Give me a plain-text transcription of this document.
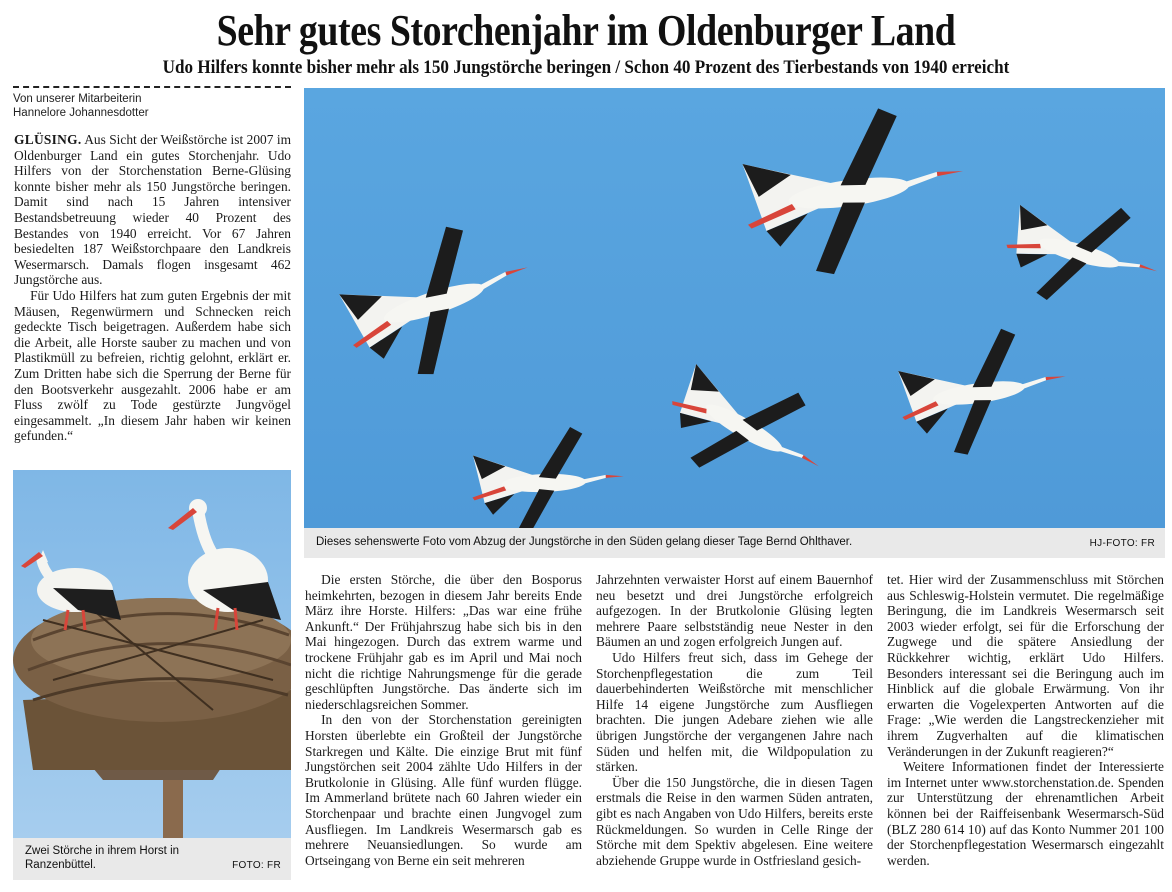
Sehr gutes Storchenjahr im Oldenburger Land
Udo Hilfers konnte bisher mehr als 150 Jungstörche beringen / Schon 40 Prozent des Tierbestands von 1940 erreicht
Von unserer Mitarbeiterin
Hannelore Johannesdotter

GLÜSING. Aus Sicht der Weißstörche ist 2007 im Oldenburger Land ein gutes Storchenjahr. Udo Hilfers von der Storchenstation Berne-Glüsing konnte bisher mehr als 150 Jungstörche beringen. Damit sind nach 15 Jahren intensiver Bestandsbetreuung wieder 40 Prozent des Bestandes von 1940 erreicht. Vor 67 Jahren besiedelten 187 Weißstorchpaare den Landkreis Wesermarsch. Damals flogen insgesamt 462 Jungstörche aus.

Für Udo Hilfers hat zum guten Ergebnis der mit Mäusen, Regenwürmern und Schnecken reich gedeckte Tisch beigetragen. Außerdem habe sich die Arbeit, alle Horste sauber zu machen und von Plastikmüll zu befreien, richtig gelohnt, erklärt er. Zum Dritten habe sich die Sperrung der Berne für den Bootsverkehr ausgezahlt. 2006 habe er am Fluss zwölf zu Tode gestürzte Jungvögel eingesammelt. „In diesem Jahr haben wir keinen gefunden.“

Dieses sehenswerte Foto vom Abzug der Jungstörche in den Süden gelang dieser Tage Bernd Ohlthaver.	HJ-FOTO: FR
Zwei Störche in ihrem Horst in Ranzenbüttel.	FOTO: FR

Die ersten Störche, die über den Bosporus heimkehrten, bezogen in diesem Jahr bereits Ende März ihre Horste. Hilfers: „Das war eine frühe Ankunft.“ Der Frühjahrszug habe sich bis in den Mai hingezogen. Durch das extrem warme und trockene Frühjahr gab es im April und Mai noch nicht die richtige Nahrungsmenge für die gerade geschlüpften Jungstörche. Das änderte sich im niederschlagsreichen Sommer.

In den von der Storchenstation gereinigten Horsten überlebte ein Großteil der Jungstörche Starkregen und Kälte. Die einzige Brut mit fünf Jungstörchen seit 2004 zählte Udo Hilfers in der Brutkolonie in Glüsing. Alle fünf wurden flügge. Im Ammerland brütete nach 60 Jahren wieder ein Storchenpaar und brachte einen Jungvogel zum Ausfliegen. Im Landkreis Wesermarsch gab es mehrere Neuansiedlungen. So wurde am Ortseingang von Berne ein seit mehreren

Jahrzehnten verwaister Horst auf einem Bauernhof neu besetzt und drei Jungstörche erfolgreich aufgezogen. In der Brutkolonie Glüsing legten mehrere Paare selbstständig neue Nester in den Bäumen an und zogen erfolgreich Jungen auf.

Udo Hilfers freut sich, dass im Gehege der Storchenpflegestation die zum Teil dauerbehinderten Weißstörche mit menschlicher Hilfe 14 eigene Jungstörche zum Ausfliegen brachten. Die jungen Adebare ziehen wie alle übrigen Jungstörche der vergangenen Jahre nach Süden und helfen mit, die Wildpopulation zu stärken.

Über die 150 Jungstörche, die in diesen Tagen erstmals die Reise in den warmen Süden antraten, gibt es nach Angaben von Udo Hilfers, bereits erste Rückmeldungen. So wurden in Celle Ringe der Störche mit dem Spektiv abgelesen. Eine weitere abziehende Gruppe wurde in Ostfriesland gesich-

tet. Hier wird der Zusammenschluss mit Störchen aus Schleswig-Holstein vermutet. Die regelmäßige Beringung, die im Landkreis Wesermarsch seit 2003 wieder erfolgt, sei für die Erforschung der Zugwege und die spätere Ansiedlung der Rückkehrer wichtig, erklärt Udo Hilfers. Besonders interessant sei die Beringung auch im Hinblick auf die globale Erwärmung. Von ihr erwarten die Vogelexperten Antworten auf die Frage: „Wie werden die Langstreckenzieher mit ihrem Zugverhalten auf die klimatischen Veränderungen in der Zukunft reagieren?“

Weitere Informationen findet der Interessierte im Internet unter www.storchenstation.de. Spenden zur Unterstützung der ehrenamtlichen Arbeit können bei der Raiffeisenbank Wesermarsch-Süd (BLZ 280 614 10) auf das Konto Nummer 201 100 der Storchenpflegestation Wesermarsch eingezahlt werden.
